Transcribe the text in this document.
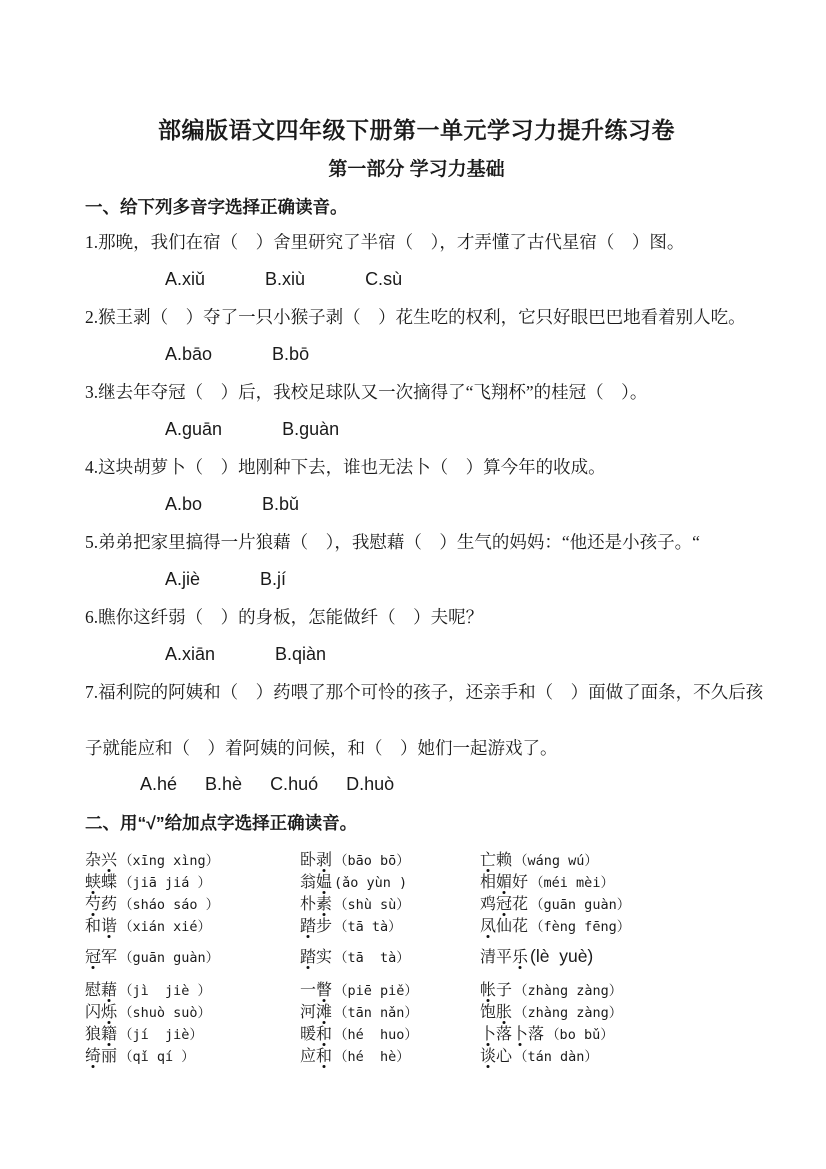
部编版语文四年级下册第一单元学习力提升练习卷
第一部分 学习力基础
一、给下列多音字选择正确读音。
1.那晚，我们在宿（　）舍里研究了半宿（　），才弄懂了古代星宿（　）图。
A.xiǔ	B.xiù	C.sù
2.猴王剥（　）夺了一只小猴子剥（　）花生吃的权利，它只好眼巴巴地看着别人吃。
A.bāo	B.bō
3.继去年夺冠（　）后，我校足球队又一次摘得了“飞翔杯”的桂冠（　）。
A.guān	B.guàn
4.这块胡萝卜（　）地刚种下去，谁也无法卜（　）算今年的收成。
A.bo	B.bǔ
5.弟弟把家里搞得一片狼藉（　），我慰藉（　）生气的妈妈：“他还是小孩子。“
A.jiè	B.jí
6.瞧你这纤弱（　）的身板，怎能做纤（　）夫呢？
A.xiān	B.qiàn
7.福利院的阿姨和（　）药喂了那个可怜的孩子，还亲手和（　）面做了面条，不久后孩
子就能应和（　）着阿姨的问候，和（　）她们一起游戏了。
A.hé B.hè C.huó D.huò
二、用“√”给加点字选择正确读音。
杂兴 （xīng xìng）	卧剥 （bāo bō）	亡赖 （wáng wú）
蛱蝶 （jiā jiá ）	翁媪 (ǎo yùn )	相媚好 （méi mèi）
芍药 （sháo sáo ）	朴素 （shù sù）	鸡冠花 （guān guàn）
和谐 （xián xié）	踏步 （tā tà）	凤仙花 （fèng fēng）
冠军 （guān guàn）	踏实 （tā  tà）	清平乐 (lè  yuè)
慰藉 （jì  jiè ）	一瞥 （piē piě）	帐子 （zhàng zàng）
闪烁 （shuò suò）	河滩 （tān nǎn）	饱胀 （zhàng zàng）
狼籍 （jí  jiè）	暖和 （hé  huo）	卜落卜落 （bo bǔ）
绮丽 （qǐ qí ）	应和 （hé  hè）	谈心 （tán dàn）
